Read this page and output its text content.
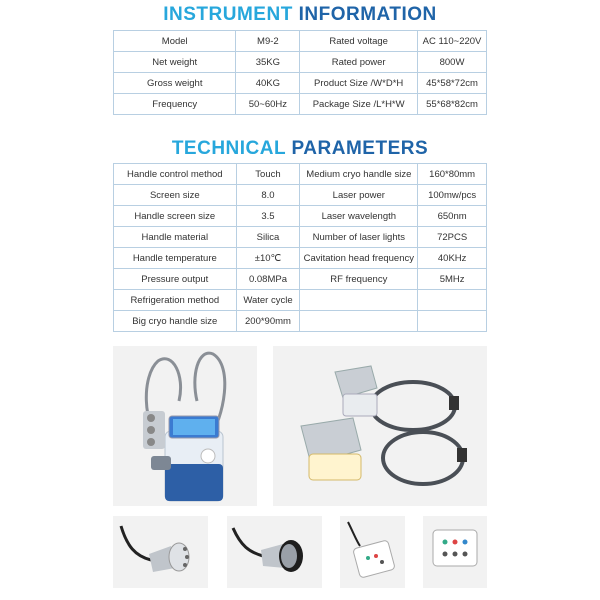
INSTRUMENT INFORMATION
Model	M9-2	Rated voltage	AC 110~220V
Net weight	35KG	Rated power	800W
Gross weight	40KG	Product Size /W*D*H	45*58*72cm
Frequency	50~60Hz	Package Size /L*H*W	55*68*82cm
TECHNICAL PARAMETERS
Handle control method	Touch	Medium cryo handle size	160*80mm
Screen size	8.0	Laser power	100mw/pcs
Handle screen size	3.5	Laser wavelength	650nm
Handle material	Silica	Number of laser lights	72PCS
Handle temperature	±10℃	Cavitation head frequency	40KHz
Pressure output	0.08MPa	RF frequency	5MHz
Refrigeration method	Water cycle		
Big cryo handle size	200*90mm		
